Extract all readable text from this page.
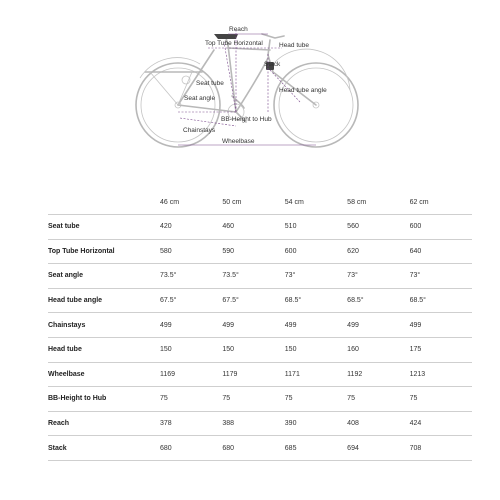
Reach
Top Tube Horizontal Head tube
Stack
Seat tube
Head tube angle
Seat angle
BB-Height to Hub
Chainstays
Wheelbase
	46 cm	50 cm	54 cm	58 cm	62 cm
Seat tube	420	460	510	560	600
Top Tube Horizontal	580	590	600	620	640
Seat angle	73.5°	73.5°	73°	73°	73°
Head tube angle	67.5°	67.5°	68.5°	68.5°	68.5°
Chainstays	499	499	499	499	499
Head tube	150	150	150	160	175
Wheelbase	1169	1179	1171	1192	1213
BB-Height to Hub	75	75	75	75	75
Reach	378	388	390	408	424
Stack	680	680	685	694	708
